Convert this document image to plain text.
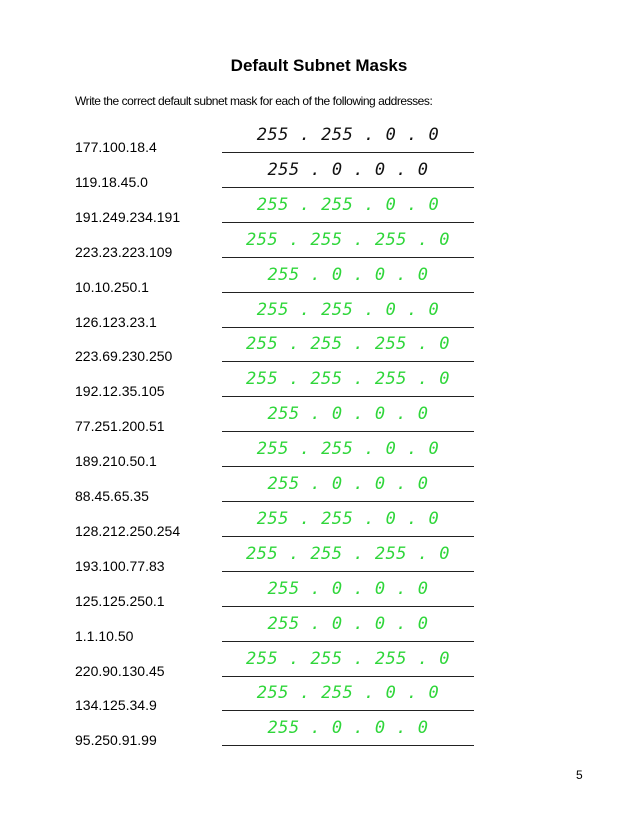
Default Subnet Masks
Write the correct default subnet mask for each of the following addresses:
177.100.18.4
255 . 255 . 0 . 0
119.18.45.0
255 . 0 . 0 . 0
191.249.234.191
255 . 255 . 0 . 0
223.23.223.109
255 . 255 . 255 . 0
10.10.250.1
255 . 0 . 0 . 0
126.123.23.1
255 . 255 . 0 . 0
223.69.230.250
255 . 255 . 255 . 0
192.12.35.105
255 . 255 . 255 . 0
77.251.200.51
255 . 0 . 0 . 0
189.210.50.1
255 . 255 . 0 . 0
88.45.65.35
255 . 0 . 0 . 0
128.212.250.254
255 . 255 . 0 . 0
193.100.77.83
255 . 255 . 255 . 0
125.125.250.1
255 . 0 . 0 . 0
1.1.10.50
255 . 0 . 0 . 0
220.90.130.45
255 . 255 . 255 . 0
134.125.34.9
255 . 255 . 0 . 0
95.250.91.99
255 . 0 . 0 . 0
5
